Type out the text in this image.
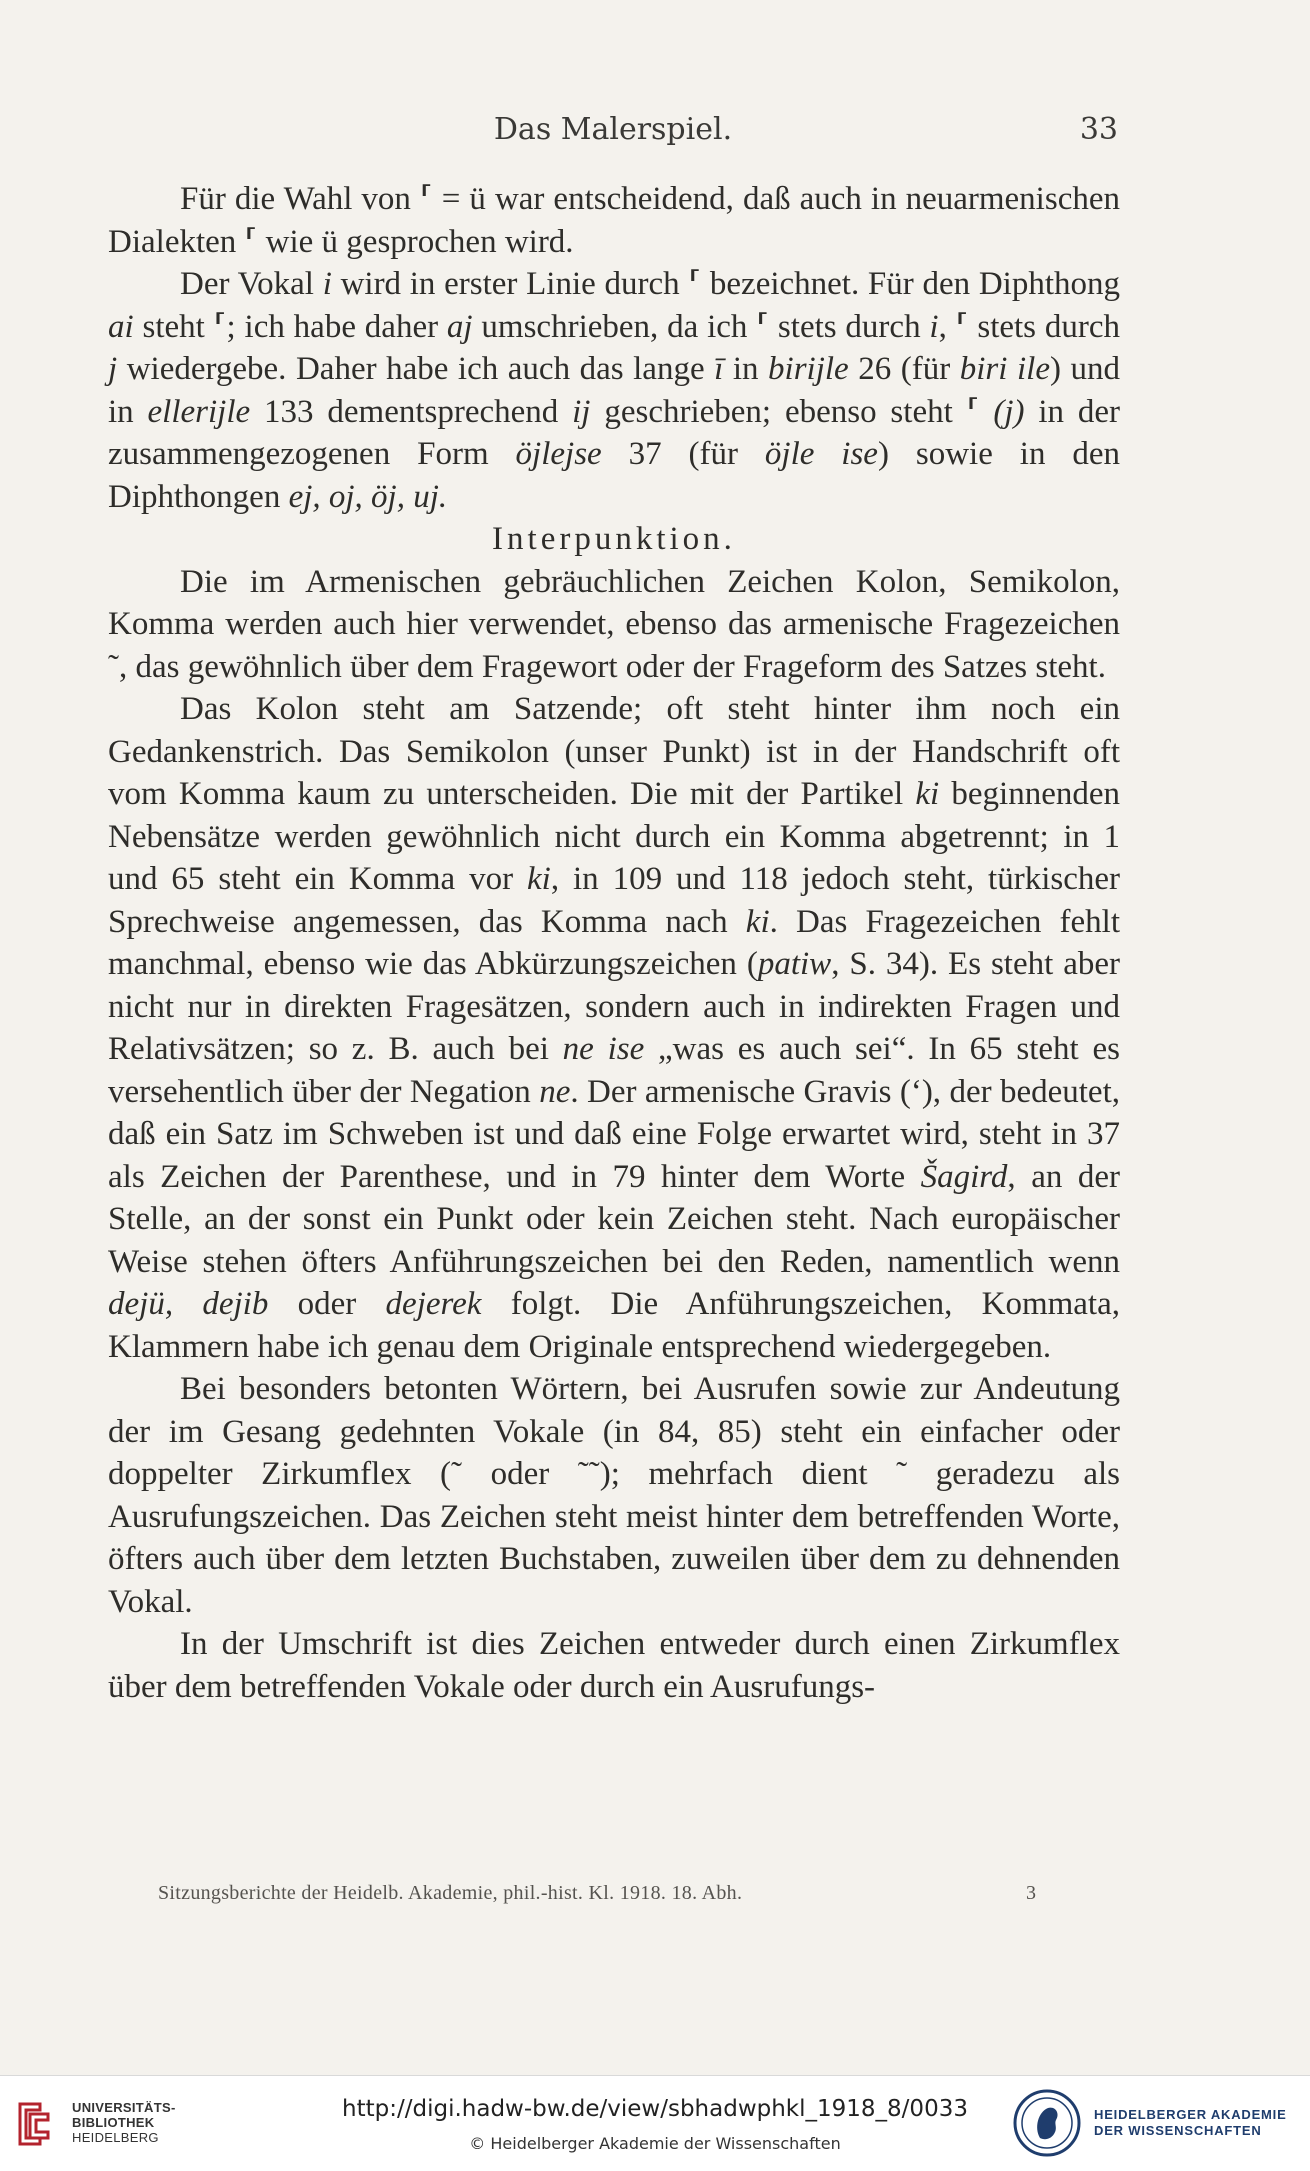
Das Malerspiel.	33

Für die Wahl von ⸢ = ü war entscheidend, daß auch in neuarmenischen Dialekten ⸢ wie ü gesprochen wird.

Der Vokal i wird in erster Linie durch ⸢ bezeichnet. Für den Diphthong ai steht ⸢; ich habe daher aj umschrieben, da ich ⸢ stets durch i, ⸢ stets durch j wiedergebe. Daher habe ich auch das lange ī in birijle 26 (für biri ile) und in ellerijle 133 dementsprechend ij geschrieben; ebenso steht ⸢ (j) in der zusammengezogenen Form öjlejse 37 (für öjle ise) sowie in den Diphthongen ej, oj, öj, uj.

Interpunktion.

Die im Armenischen gebräuchlichen Zeichen Kolon, Semikolon, Komma werden auch hier verwendet, ebenso das armenische Fragezeichen ˜, das gewöhnlich über dem Fragewort oder der Frageform des Satzes steht.

Das Kolon steht am Satzende; oft steht hinter ihm noch ein Gedankenstrich. Das Semikolon (unser Punkt) ist in der Handschrift oft vom Komma kaum zu unterscheiden. Die mit der Partikel ki beginnenden Nebensätze werden gewöhnlich nicht durch ein Komma abgetrennt; in 1 und 65 steht ein Komma vor ki, in 109 und 118 jedoch steht, türkischer Sprechweise angemessen, das Komma nach ki. Das Fragezeichen fehlt manchmal, ebenso wie das Abkürzungszeichen (patiw, S. 34). Es steht aber nicht nur in direkten Fragesätzen, sondern auch in indirekten Fragen und Relativsätzen; so z. B. auch bei ne ise „was es auch sei“. In 65 steht es versehentlich über der Negation ne. Der armenische Gravis (‘), der bedeutet, daß ein Satz im Schweben ist und daß eine Folge erwartet wird, steht in 37 als Zeichen der Parenthese, und in 79 hinter dem Worte Šagird, an der Stelle, an der sonst ein Punkt oder kein Zeichen steht. Nach europäischer Weise stehen öfters Anführungszeichen bei den Reden, namentlich wenn dejü, dejib oder dejerek folgt. Die Anführungszeichen, Kommata, Klammern habe ich genau dem Originale entsprechend wiedergegeben.

Bei besonders betonten Wörtern, bei Ausrufen sowie zur Andeutung der im Gesang gedehnten Vokale (in 84, 85) steht ein einfacher oder doppelter Zirkumflex (˜ oder ˜˜); mehrfach dient ˜ geradezu als Ausrufungszeichen. Das Zeichen steht meist hinter dem betreffenden Worte, öfters auch über dem letzten Buchstaben, zuweilen über dem zu dehnenden Vokal.

In der Umschrift ist dies Zeichen entweder durch einen Zirkumflex über dem betreffenden Vokale oder durch ein Ausrufungs-

Sitzungsberichte der Heidelb. Akademie, phil.-hist. Kl. 1918. 18. Abh.	3
UNIVERSITÄTS-
BIBLIOTHEK
HEIDELBERG
http://digi.hadw-bw.de/view/sbhadwphkl_1918_8/0033
© Heidelberger Akademie der Wissenschaften
HEIDELBERGER AKADEMIE
DER WISSENSCHAFTEN
